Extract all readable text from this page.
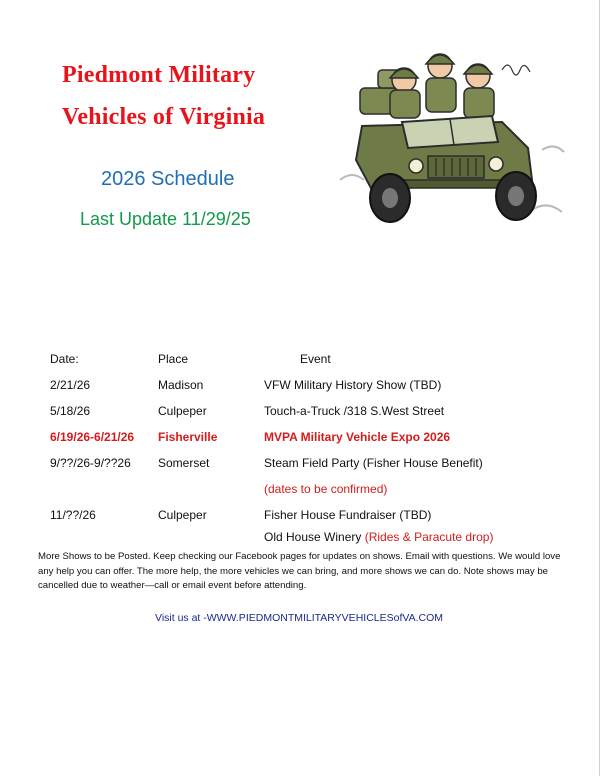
Piedmont Military
Vehicles of Virginia
2026 Schedule
Last Update 11/29/25
Date:	Place	Event
2/21/26	Madison	VFW Military History Show (TBD)
5/18/26	Culpeper	Touch-a-Truck /318 S.West Street
6/19/26-6/21/26 Fisherville	MVPA Military Vehicle Expo 2026
9/??/26-9/??26 Somerset	Steam Field Party (Fisher House Benefit)
(dates to be confirmed)
11/??/26	Culpeper	Fisher House Fundraiser (TBD)
Old House Winery (Rides & Paracute drop)
More Shows to be Posted. Keep checking our Facebook pages for updates on shows. Email with questions. We would love any help you can offer. The more help, the more vehicles we can bring, and more shows we can do. Note shows may be cancelled due to weather—call or email event before attending.
Visit us at -WWW.PIEDMONTMILITARYVEHICLESofVA.COM
